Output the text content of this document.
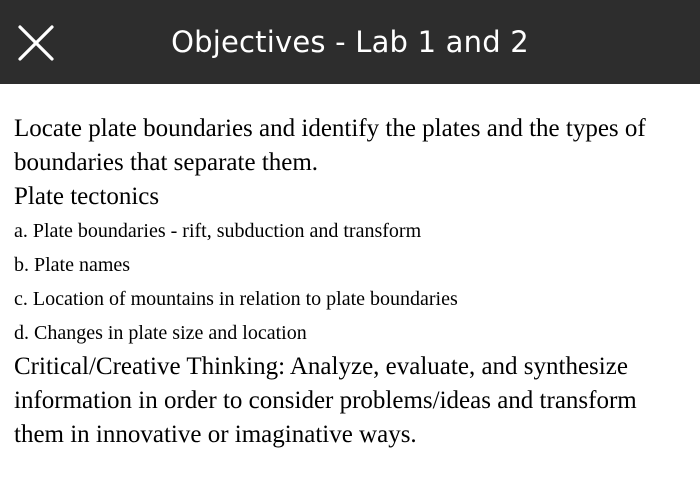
Objectives - Lab 1 and 2

Locate plate boundaries and identify the plates and the types of boundaries that separate them.

Plate tectonics

a. Plate boundaries - rift, subduction and transform

b. Plate names

c. Location of mountains in relation to plate boundaries

d. Changes in plate size and location

Critical/Creative Thinking: Analyze, evaluate, and synthesize information in order to consider problems/ideas and transform them in innovative or imaginative ways.
